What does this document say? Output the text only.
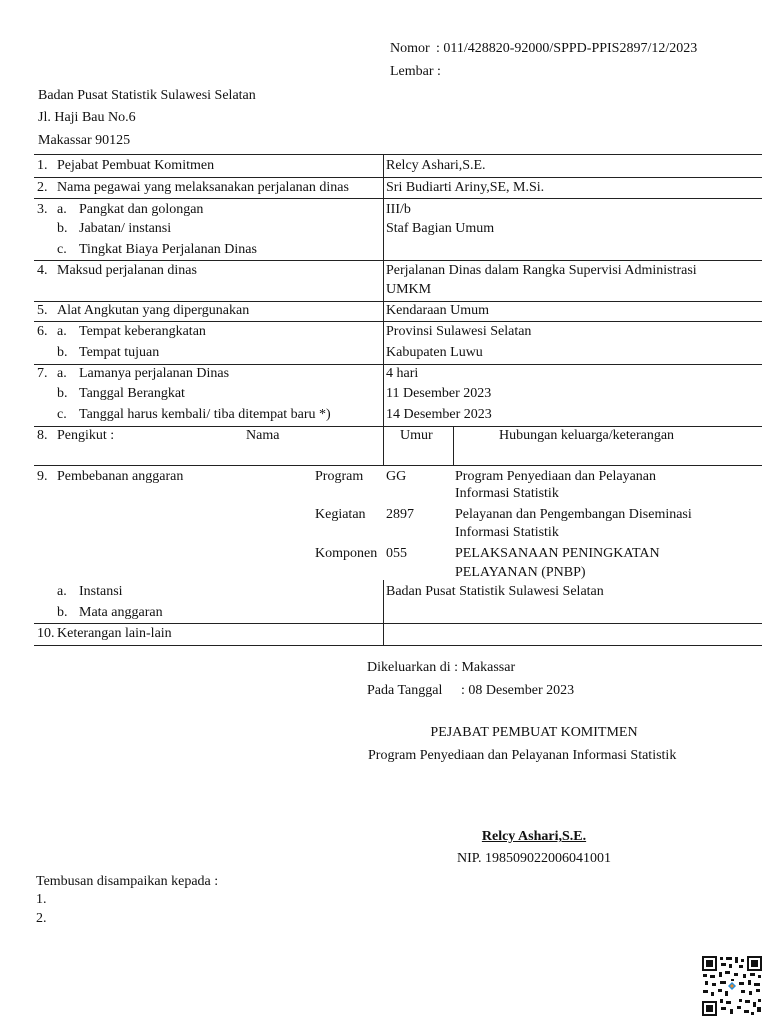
Nomor : 011/428820-92000/SPPD-PPIS2897/12/2023
Lembar :
Badan Pusat Statistik Sulawesi Selatan
Jl. Haji Bau No.6
Makassar 90125
1. Pejabat Pembuat Komitmen	Relcy Ashari,S.E.
2. Nama pegawai yang melaksanakan perjalanan dinas	Sri Budiarti Ariny,SE, M.Si.
3. a. Pangkat dan golongan	III/b
b. Jabatan/ instansi	Staf Bagian Umum
c. Tingkat Biaya Perjalanan Dinas
4. Maksud perjalanan dinas	Perjalanan Dinas dalam Rangka Supervisi Administrasi
UMKM
5. Alat Angkutan yang dipergunakan	Kendaraan Umum
6. a. Tempat keberangkatan	Provinsi Sulawesi Selatan
b. Tempat tujuan	Kabupaten Luwu
7. a. Lamanya perjalanan Dinas	4 hari
b. Tanggal Berangkat	11 Desember 2023
c. Tanggal harus kembali/ tiba ditempat baru *)	14 Desember 2023
8. Pengikut :	Nama	Umur	Hubungan keluarga/keterangan
9. Pembebanan anggaran	Program GG	Program Penyediaan dan Pelayanan
Informasi Statistik
Kegiatan 2897	Pelayanan dan Pengembangan Diseminasi
Informasi Statistik
Komponen 055	PELAKSANAAN PENINGKATAN
PELAYANAN (PNBP)
a. Instansi	Badan Pusat Statistik Sulawesi Selatan
b. Mata anggaran
10. Keterangan lain-lain
Dikeluarkan di : Makassar
Pada Tanggal : 08 Desember 2023
PEJABAT PEMBUAT KOMITMEN
Program Penyediaan dan Pelayanan Informasi Statistik
Relcy Ashari,S.E.
NIP. 198509022006041001
Tembusan disampaikan kepada :
1.
2.
